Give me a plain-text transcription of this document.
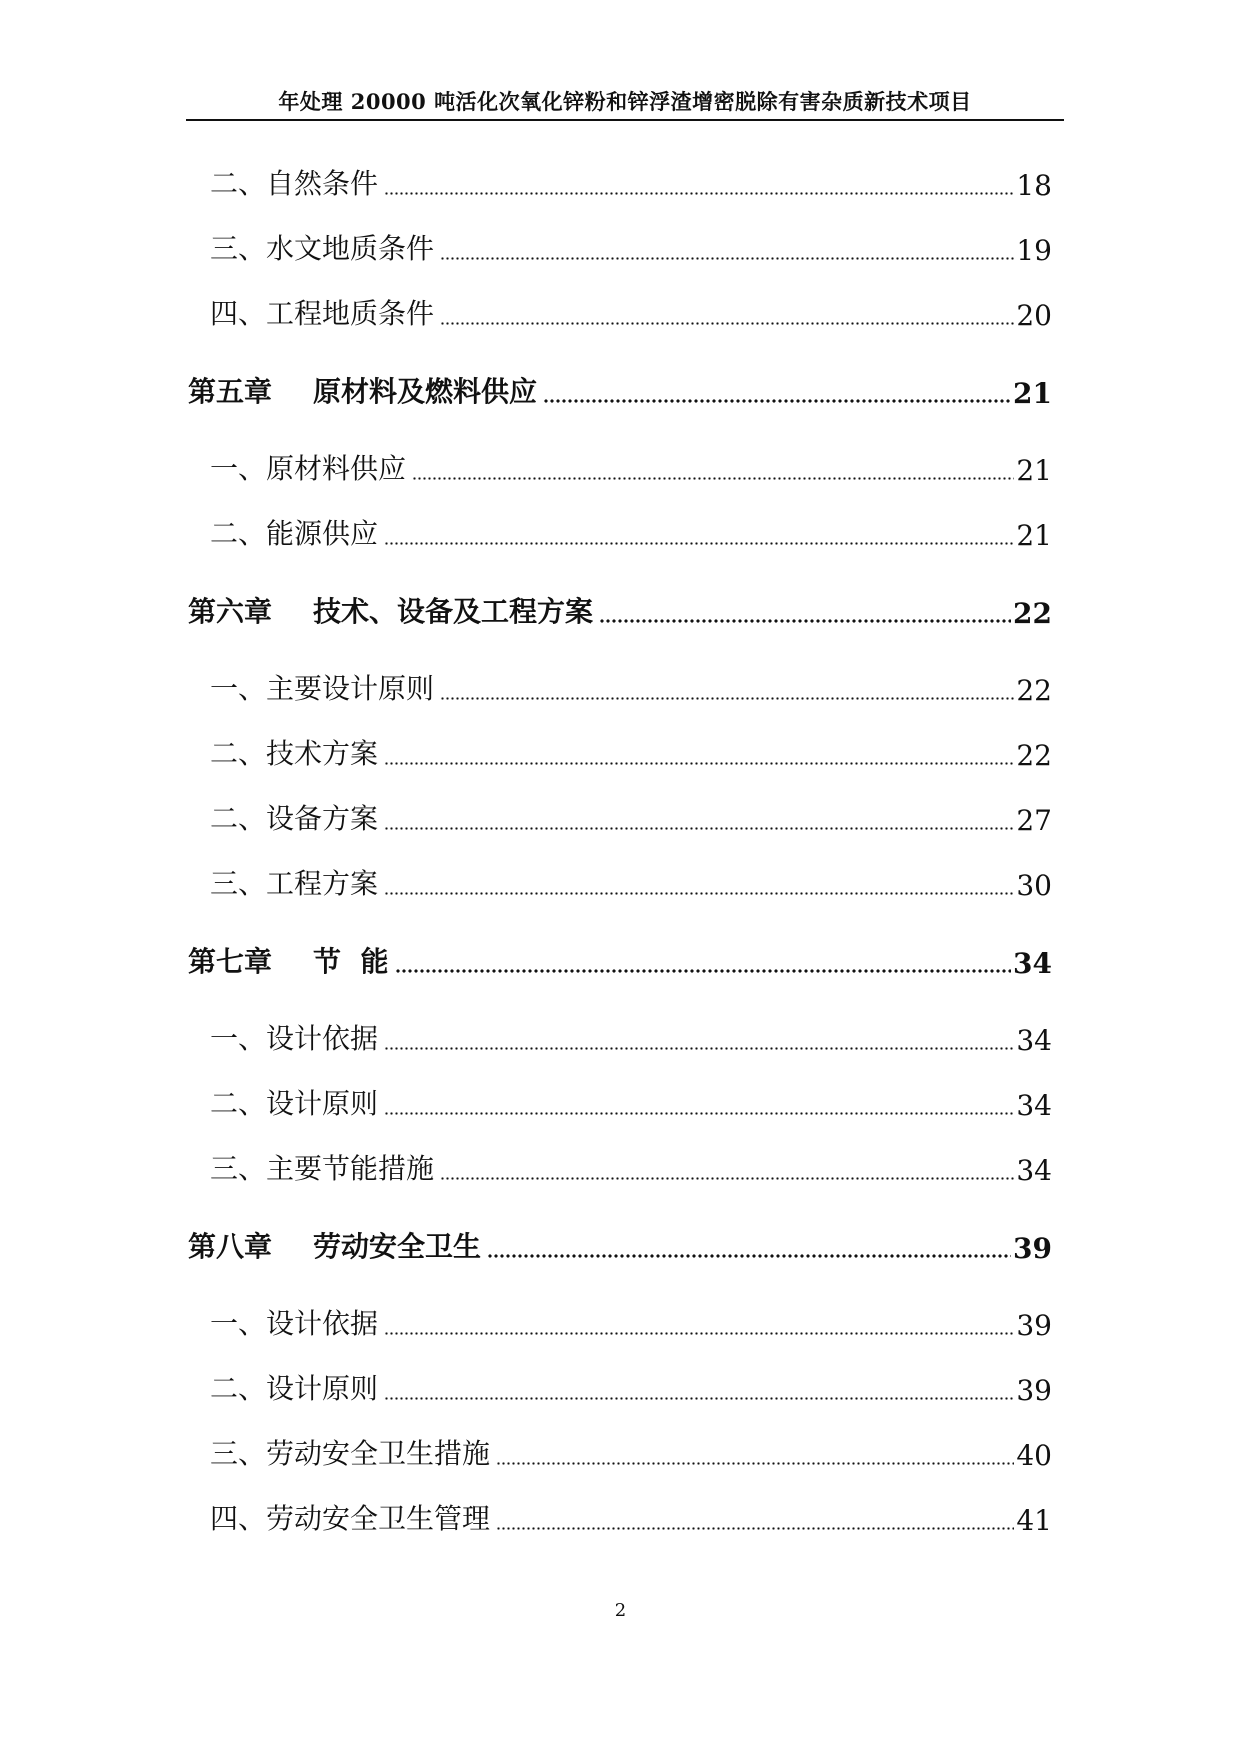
年处理 20000 吨活化次氧化锌粉和锌浮渣增密脱除有害杂质新技术项目
二、自然条件	18
三、水文地质条件	19
四、工程地质条件	20
第五章 原材料及燃料供应	21
一、原材料供应	21
二、能源供应	21
第六章 技术、设备及工程方案	22
一、主要设计原则	22
二、技术方案	22
二、设备方案	27
三、工程方案	30
第七章 节  能	34
一、设计依据	34
二、设计原则	34
三、主要节能措施	34
第八章 劳动安全卫生	39
一、设计依据	39
二、设计原则	39
三、劳动安全卫生措施	40
四、劳动安全卫生管理	41
2
